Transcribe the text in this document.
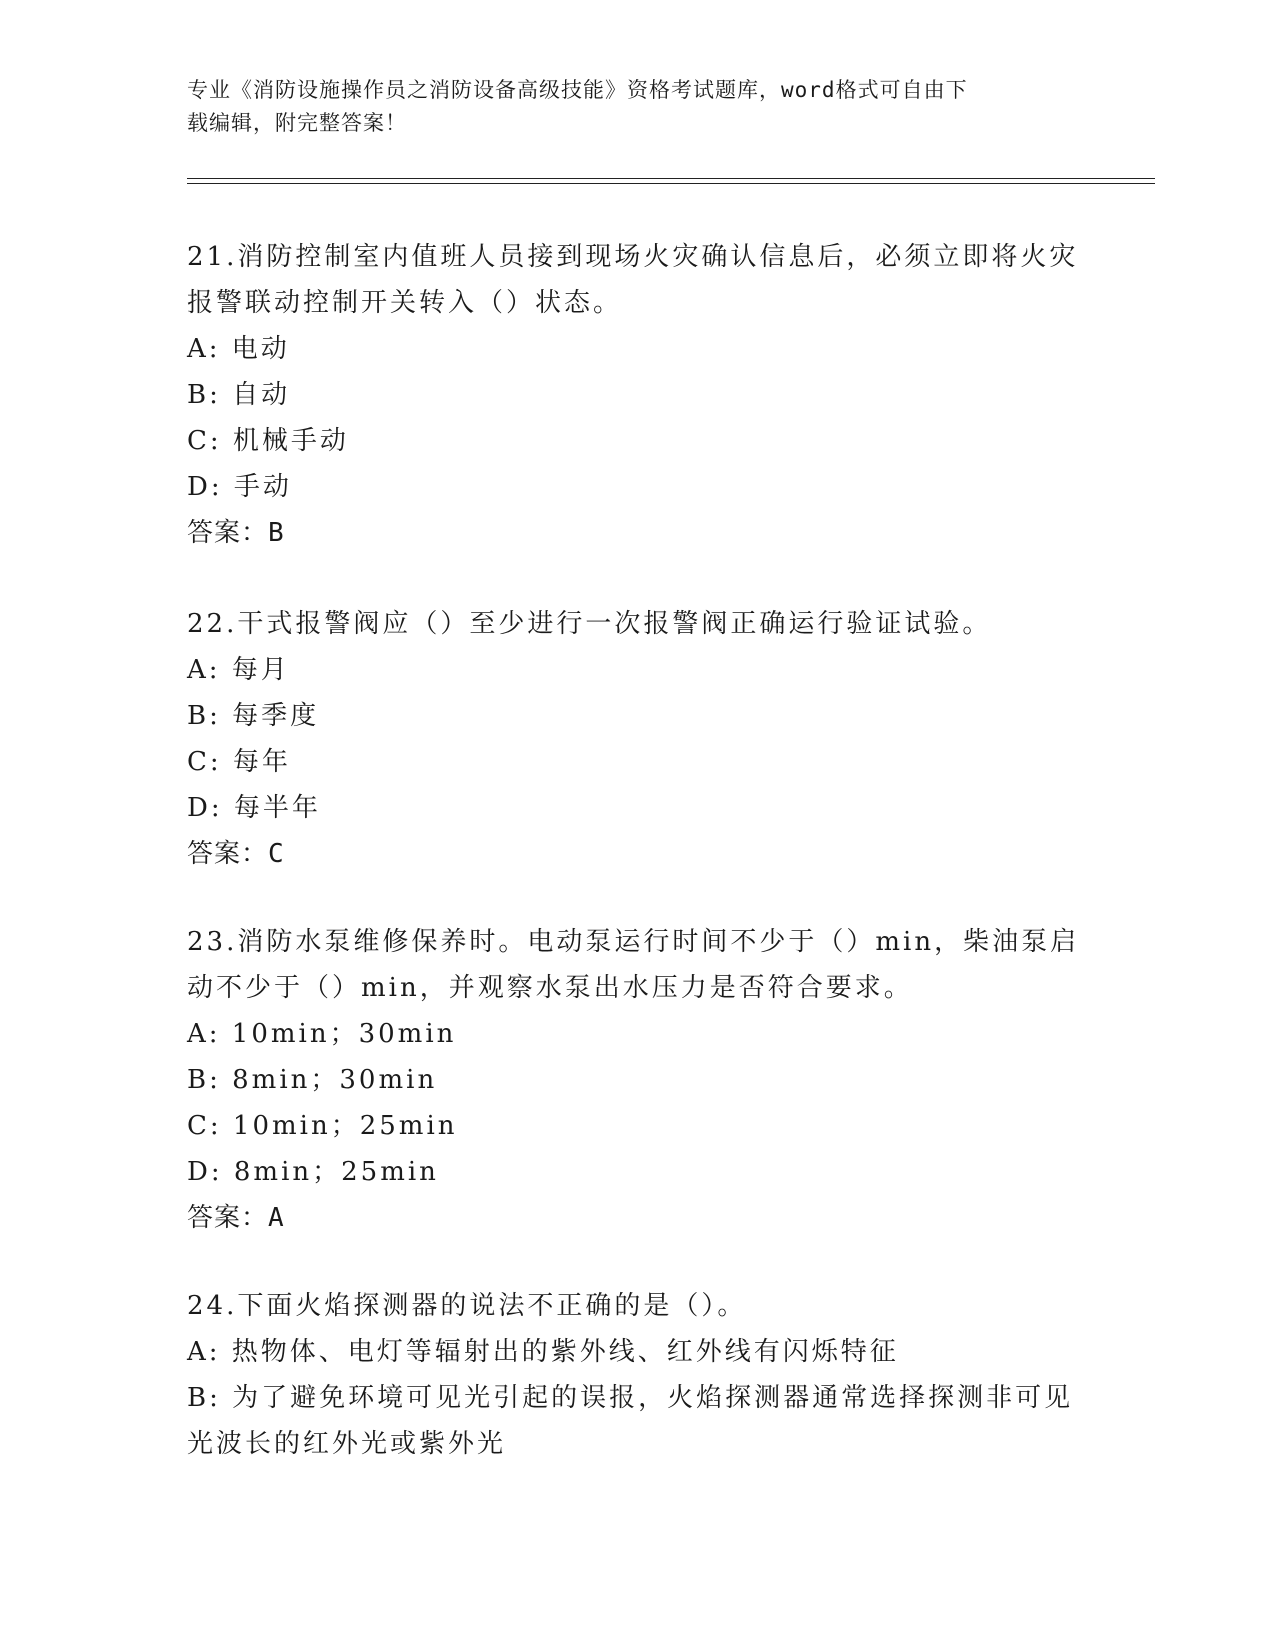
专业《消防设施操作员之消防设备高级技能》资格考试题库，word格式可自由下
载编辑，附完整答案！

21.消防控制室内值班人员接到现场火灾确认信息后，必须立即将火灾

报警联动控制开关转入（）状态。

A: 电动

B: 自动

C: 机械手动

D: 手动

答案：B

22.干式报警阀应（）至少进行一次报警阀正确运行验证试验。

A: 每月

B: 每季度

C: 每年

D: 每半年

答案：C

23.消防水泵维修保养时。电动泵运行时间不少于（）min，柴油泵启

动不少于（）min，并观察水泵出水压力是否符合要求。

A: 10min；30min

B: 8min；30min

C: 10min；25min

D: 8min；25min

答案：A

24.下面火焰探测器的说法不正确的是（）。

A: 热物体、电灯等辐射出的紫外线、红外线有闪烁特征

B: 为了避免环境可见光引起的误报，火焰探测器通常选择探测非可见

光波长的红外光或紫外光
